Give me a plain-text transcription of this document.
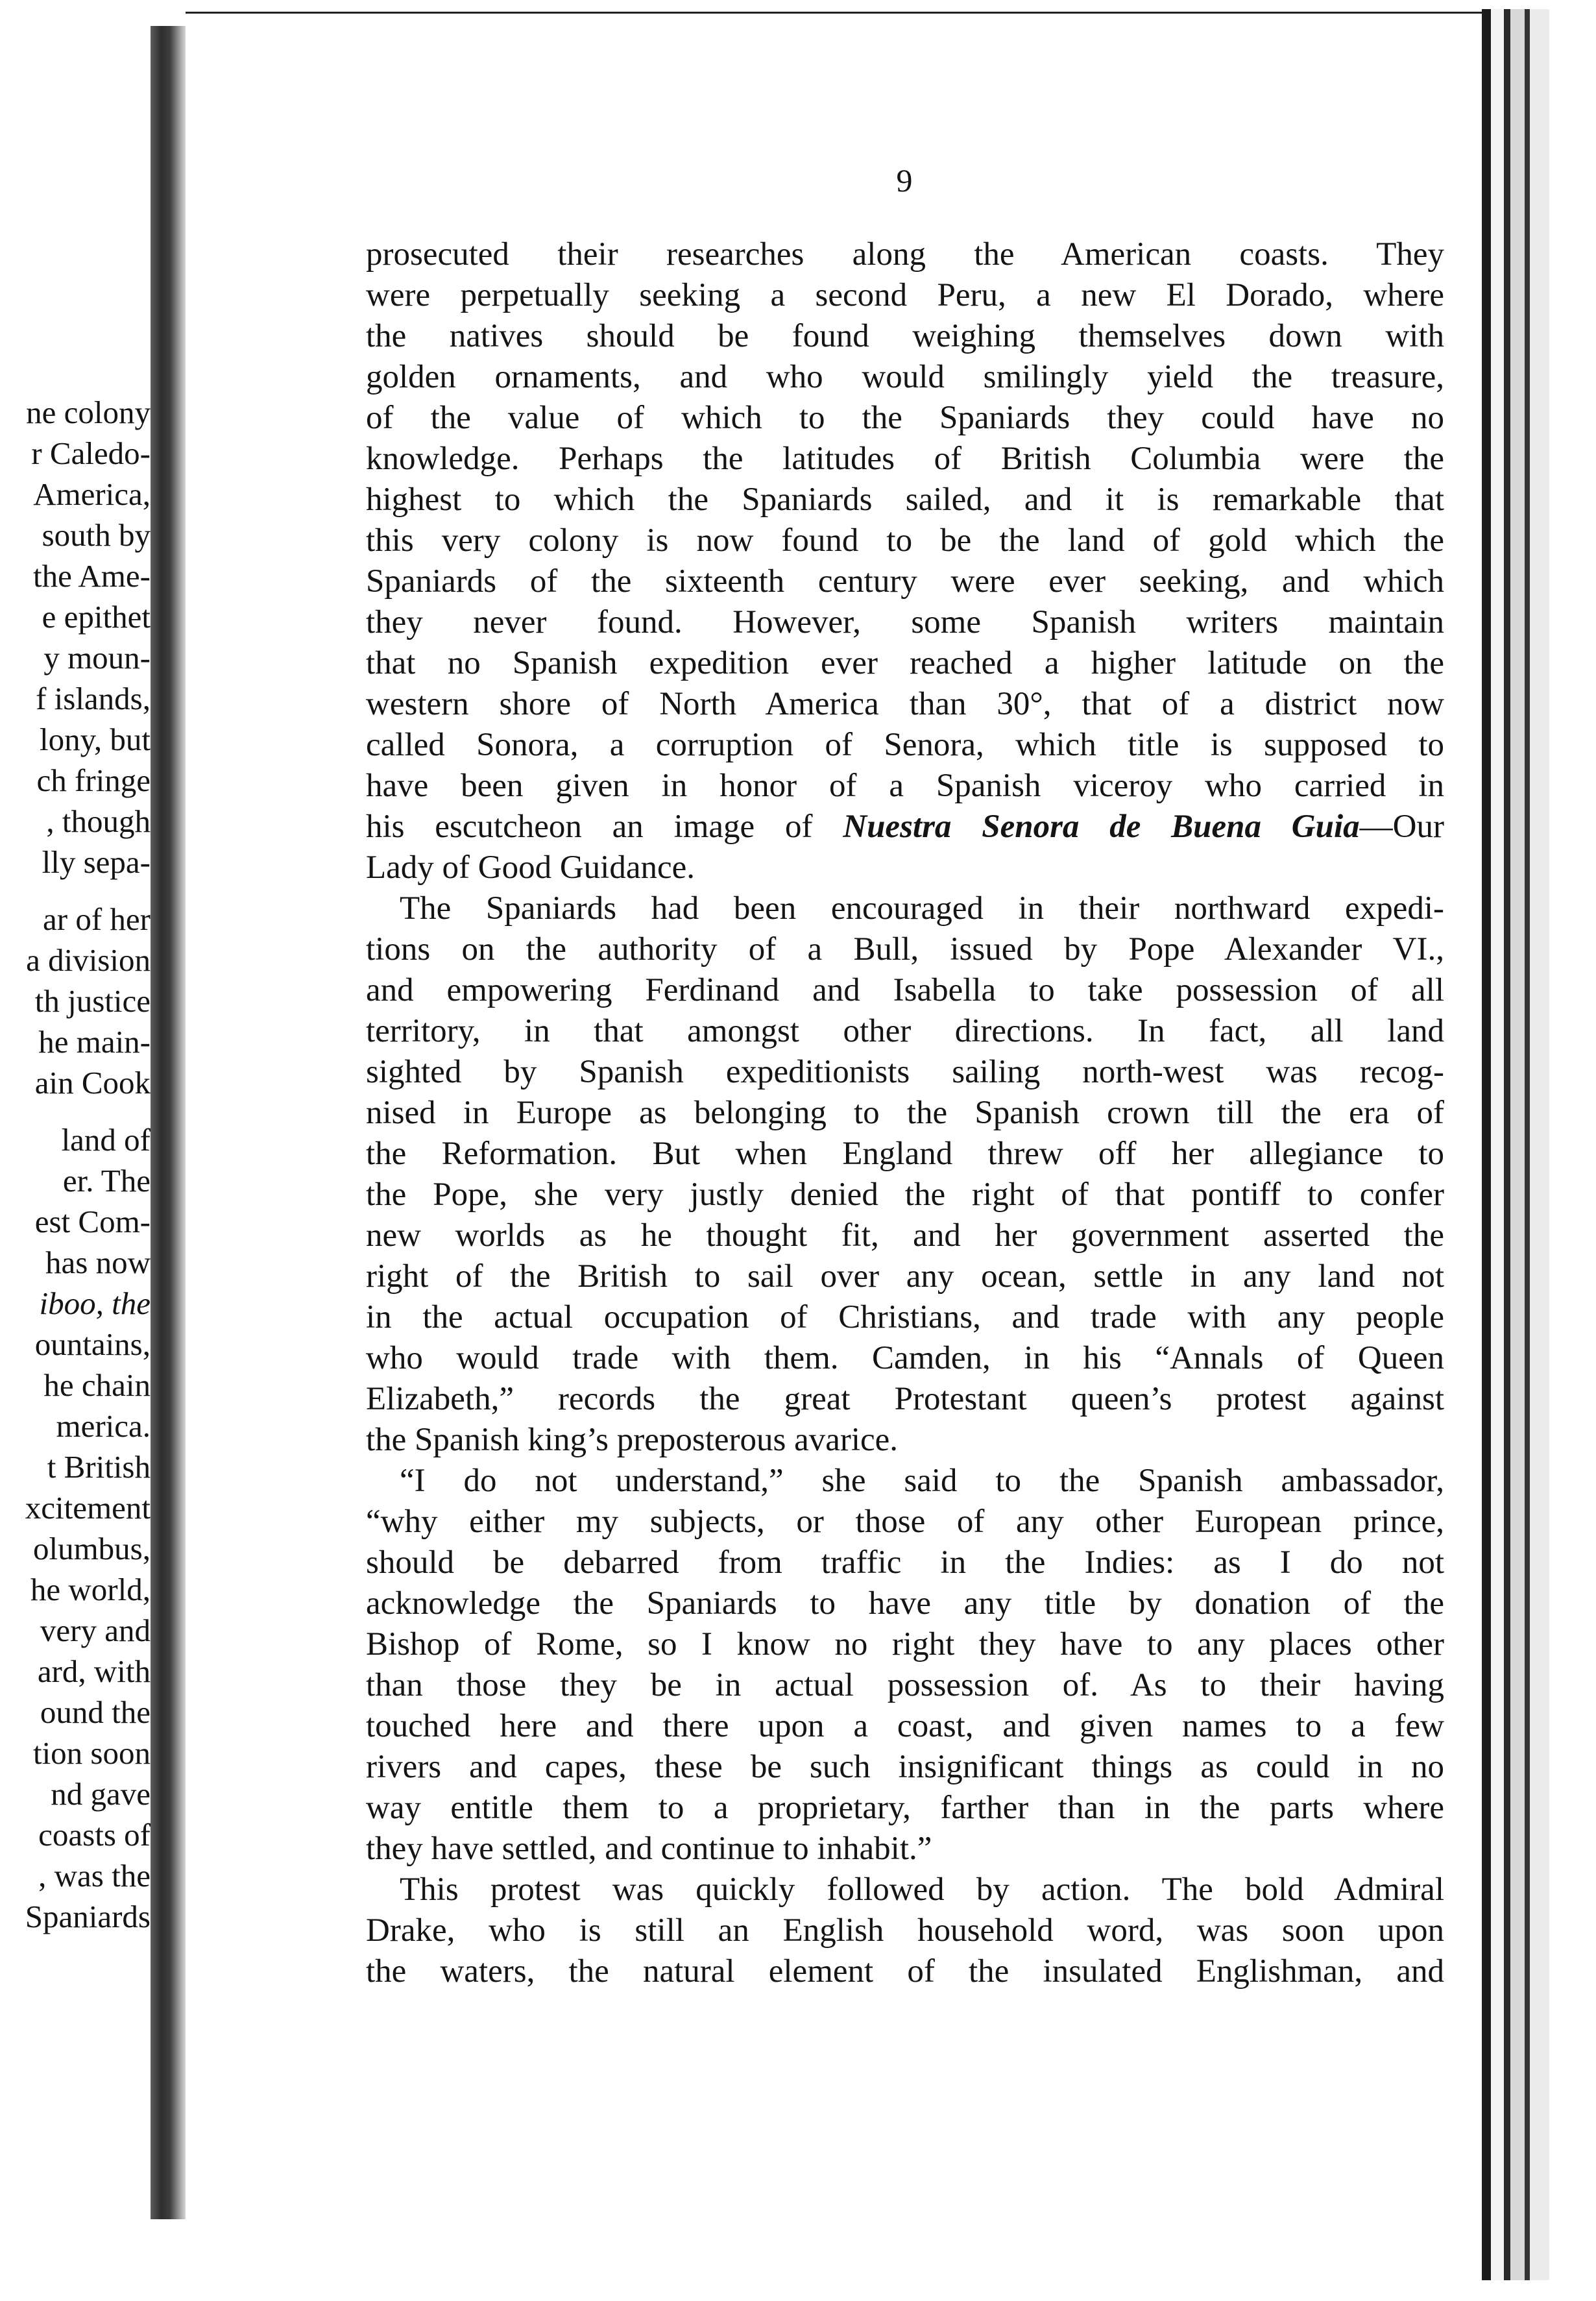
ne colony
r Caledo-
America,
south by
the Ame-
e epithet
y moun-
f islands,
lony, but
ch fringe
, though
lly sepa-
ar of her
a division
th justice
he main-
ain Cook
land of
er. The
est Com-
has now
iboo, the
ountains,
he chain
merica.
t British
xcitement
olumbus,
he world,
very and
ard, with
ound the
tion soon
nd gave
coasts of
, was the
Spaniards
9
prosecuted their researches along the American coasts. They
were perpetually seeking a second Peru, a new El Dorado, where
the natives should be found weighing themselves down with
golden ornaments, and who would smilingly yield the treasure,
of the value of which to the Spaniards they could have no
knowledge. Perhaps the latitudes of British Columbia were the
highest to which the Spaniards sailed, and it is remarkable that
this very colony is now found to be the land of gold which the
Spaniards of the sixteenth century were ever seeking, and which
they never found. However, some Spanish writers maintain
that no Spanish expedition ever reached a higher latitude on the
western shore of North America than 30°, that of a district now
called Sonora, a corruption of Senora, which title is supposed to
have been given in honor of a Spanish viceroy who carried in
his escutcheon an image of Nuestra Senora de Buena Guia—Our
Lady of Good Guidance.
The Spaniards had been encouraged in their northward expedi-
tions on the authority of a Bull, issued by Pope Alexander VI.,
and empowering Ferdinand and Isabella to take possession of all
territory, in that amongst other directions. In fact, all land
sighted by Spanish expeditionists sailing north-west was recog-
nised in Europe as belonging to the Spanish crown till the era of
the Reformation. But when England threw off her allegiance to
the Pope, she very justly denied the right of that pontiff to confer
new worlds as he thought fit, and her government asserted the
right of the British to sail over any ocean, settle in any land not
in the actual occupation of Christians, and trade with any people
who would trade with them. Camden, in his “Annals of Queen
Elizabeth,” records the great Protestant queen’s protest against
the Spanish king’s preposterous avarice.
“I do not understand,” she said to the Spanish ambassador,
“why either my subjects, or those of any other European prince,
should be debarred from traffic in the Indies: as I do not
acknowledge the Spaniards to have any title by donation of the
Bishop of Rome, so I know no right they have to any places other
than those they be in actual possession of. As to their having
touched here and there upon a coast, and given names to a few
rivers and capes, these be such insignificant things as could in no
way entitle them to a proprietary, farther than in the parts where
they have settled, and continue to inhabit.”
This protest was quickly followed by action. The bold Admiral
Drake, who is still an English household word, was soon upon
the waters, the natural element of the insulated Englishman, and
